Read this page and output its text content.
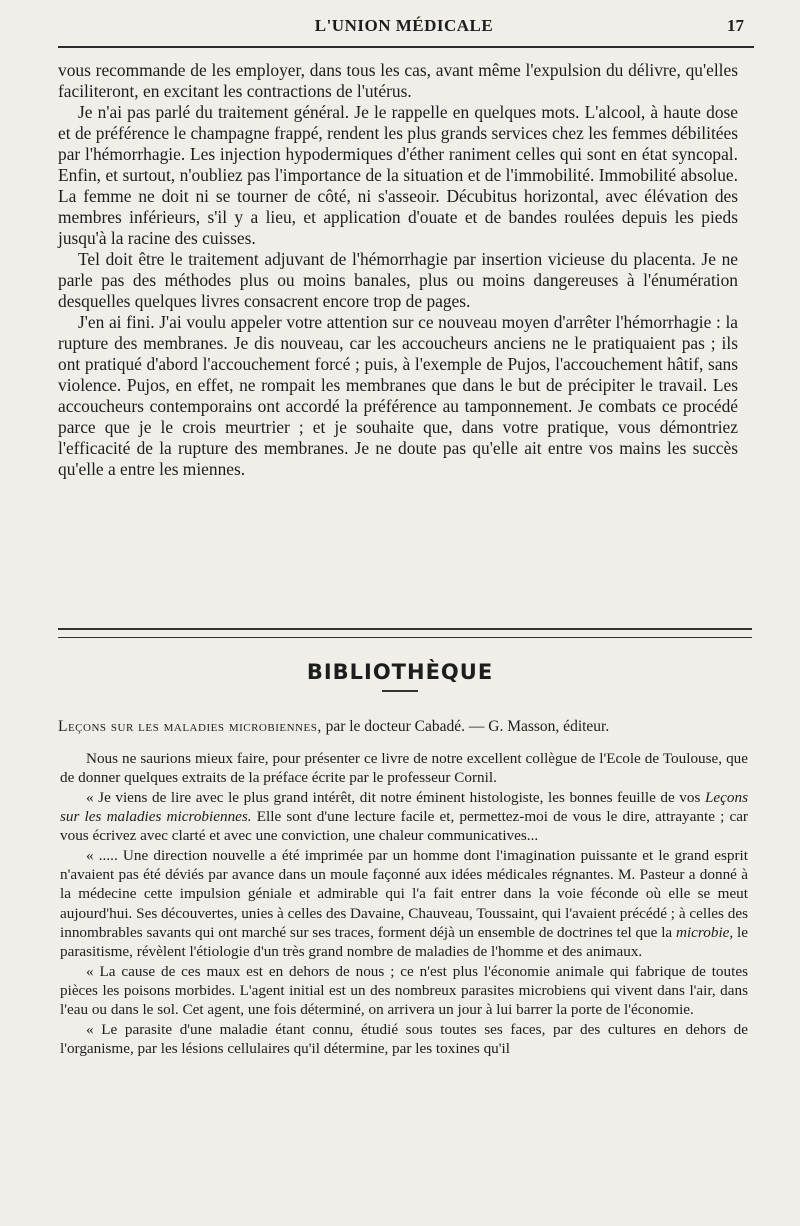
L'UNION MÉDICALE	17

vous recommande de les employer, dans tous les cas, avant même l'expulsion du délivre, qu'elles faciliteront, en excitant les contractions de l'utérus.

Je n'ai pas parlé du traitement général. Je le rappelle en quelques mots. L'alcool, à haute dose et de préférence le champagne frappé, rendent les plus grands services chez les femmes débilitées par l'hémorrhagie. Les injection hypodermiques d'éther raniment celles qui sont en état syncopal. Enfin, et surtout, n'oubliez pas l'importance de la situation et de l'immobilité. Immobilité absolue. La femme ne doit ni se tourner de côté, ni s'asseoir. Décubitus horizontal, avec élévation des membres inférieurs, s'il y a lieu, et application d'ouate et de bandes roulées depuis les pieds jusqu'à la racine des cuisses.

Tel doit être le traitement adjuvant de l'hémorrhagie par insertion vicieuse du placenta. Je ne parle pas des méthodes plus ou moins banales, plus ou moins dangereuses à l'énumération desquelles quelques livres consacrent encore trop de pages.

J'en ai fini. J'ai voulu appeler votre attention sur ce nouveau moyen d'arrêter l'hémorrhagie : la rupture des membranes. Je dis nouveau, car les accoucheurs anciens ne le pratiquaient pas ; ils ont pratiqué d'abord l'accouchement forcé ; puis, à l'exemple de Pujos, l'accouchement hâtif, sans violence. Pujos, en effet, ne rompait les membranes que dans le but de précipiter le travail. Les accoucheurs contemporains ont accordé la préférence au tamponnement. Je combats ce procédé parce que je le crois meurtrier ; et je souhaite que, dans votre pratique, vous démontriez l'efficacité de la rupture des membranes. Je ne doute pas qu'elle ait entre vos mains les succès qu'elle a entre les miennes.

BIBLIOTHÈQUE
Leçons sur les maladies microbiennes, par le docteur Cabadé. — G. Masson, éditeur.

Nous ne saurions mieux faire, pour présenter ce livre de notre excellent collègue de l'Ecole de Toulouse, que de donner quelques extraits de la préface écrite par le professeur Cornil.

« Je viens de lire avec le plus grand intérêt, dit notre éminent histologiste, les bonnes feuille de vos Leçons sur les maladies microbiennes. Elle sont d'une lecture facile et, permettez-moi de vous le dire, attrayante ; car vous écrivez avec clarté et avec une conviction, une chaleur communicatives...

« ..... Une direction nouvelle a été imprimée par un homme dont l'imagination puissante et le grand esprit n'avaient pas été déviés par avance dans un moule façonné aux idées médicales régnantes. M. Pasteur a donné à la médecine cette impulsion géniale et admirable qui l'a fait entrer dans la voie féconde où elle se meut aujourd'hui. Ses découvertes, unies à celles des Davaine, Chauveau, Toussaint, qui l'avaient précédé ; à celles des innombrables savants qui ont marché sur ses traces, forment déjà un ensemble de doctrines tel que la microbie, le parasitisme, révèlent l'étiologie d'un très grand nombre de maladies de l'homme et des animaux.

« La cause de ces maux est en dehors de nous ; ce n'est plus l'économie animale qui fabrique de toutes pièces les poisons morbides. L'agent initial est un des nombreux parasites microbiens qui vivent dans l'air, dans l'eau ou dans le sol. Cet agent, une fois déterminé, on arrivera un jour à lui barrer la porte de l'économie.

« Le parasite d'une maladie étant connu, étudié sous toutes ses faces, par des cultures en dehors de l'organisme, par les lésions cellulaires qu'il détermine, par les toxines qu'il
